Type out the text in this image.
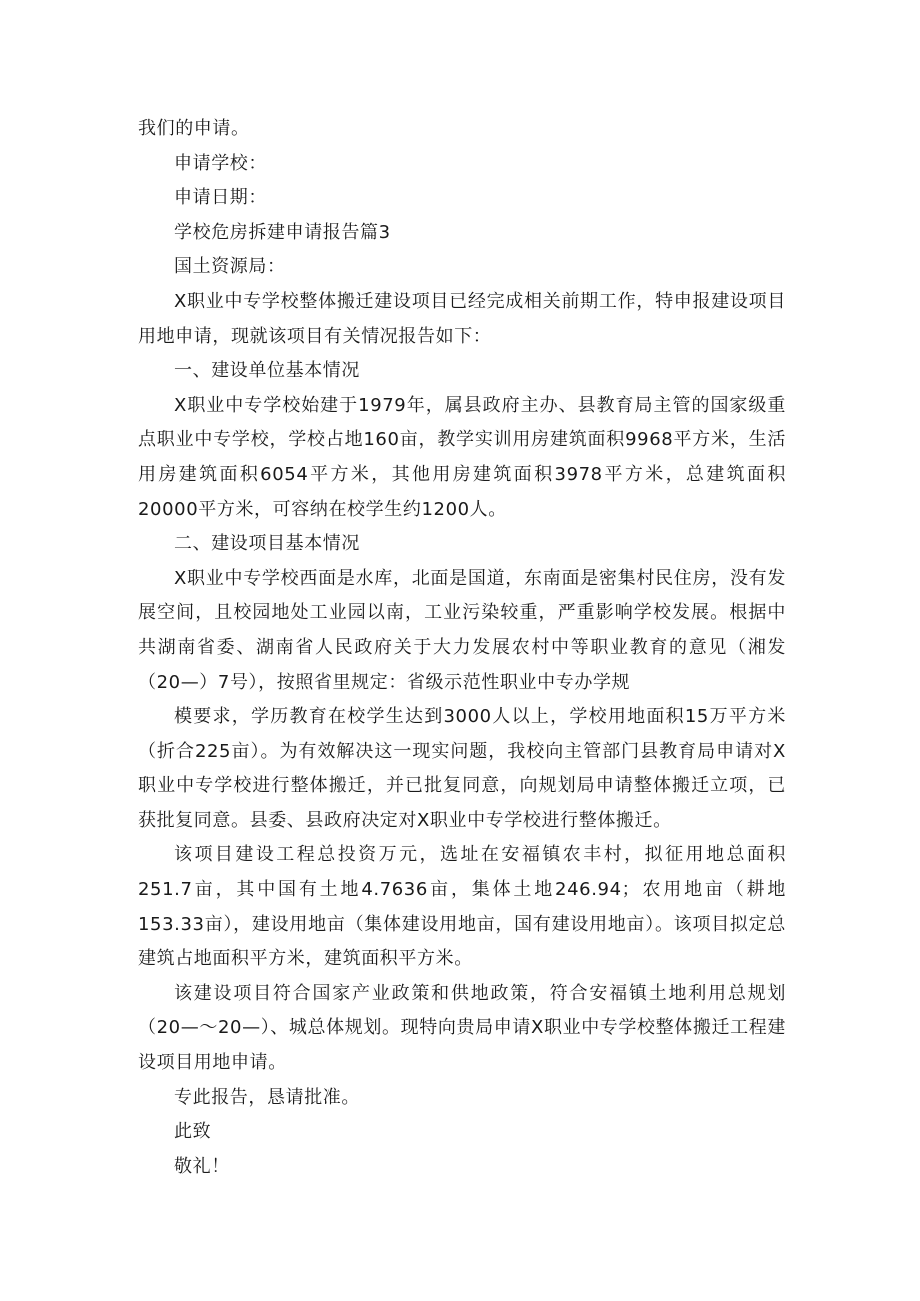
我们的申请。

申请学校：

申请日期：

学校危房拆建申请报告篇3

国土资源局：

X职业中专学校整体搬迁建设项目已经完成相关前期工作，特申报建设项目用地申请，现就该项目有关情况报告如下：

一、建设单位基本情况

X职业中专学校始建于1979年，属县政府主办、县教育局主管的国家级重点职业中专学校，学校占地160亩，教学实训用房建筑面积9968平方米，生活用房建筑面积6054平方米，其他用房建筑面积3978平方米，总建筑面积20000平方米，可容纳在校学生约1200人。

二、建设项目基本情况

X职业中专学校西面是水库，北面是国道，东南面是密集村民住房，没有发展空间，且校园地处工业园以南，工业污染较重，严重影响学校发展。根据中共湖南省委、湖南省人民政府关于大力发展农村中等职业教育的意见（湘发（20—）7号），按照省里规定：省级示范性职业中专办学规

模要求，学历教育在校学生达到3000人以上，学校用地面积15万平方米（折合225亩）。为有效解决这一现实问题，我校向主管部门县教育局申请对X职业中专学校进行整体搬迁，并已批复同意，向规划局申请整体搬迁立项，已获批复同意。县委、县政府决定对X职业中专学校进行整体搬迁。

该项目建设工程总投资万元，选址在安福镇农丰村，拟征用地总面积251.7亩，其中国有土地4.7636亩，集体土地246.94；农用地亩（耕地153.33亩），建设用地亩（集体建设用地亩，国有建设用地亩）。该项目拟定总建筑占地面积平方米，建筑面积平方米。

该建设项目符合国家产业政策和供地政策，符合安福镇土地利用总规划（20—～20—）、城总体规划。现特向贵局申请X职业中专学校整体搬迁工程建设项目用地申请。

专此报告，恳请批准。

此致

敬礼！
